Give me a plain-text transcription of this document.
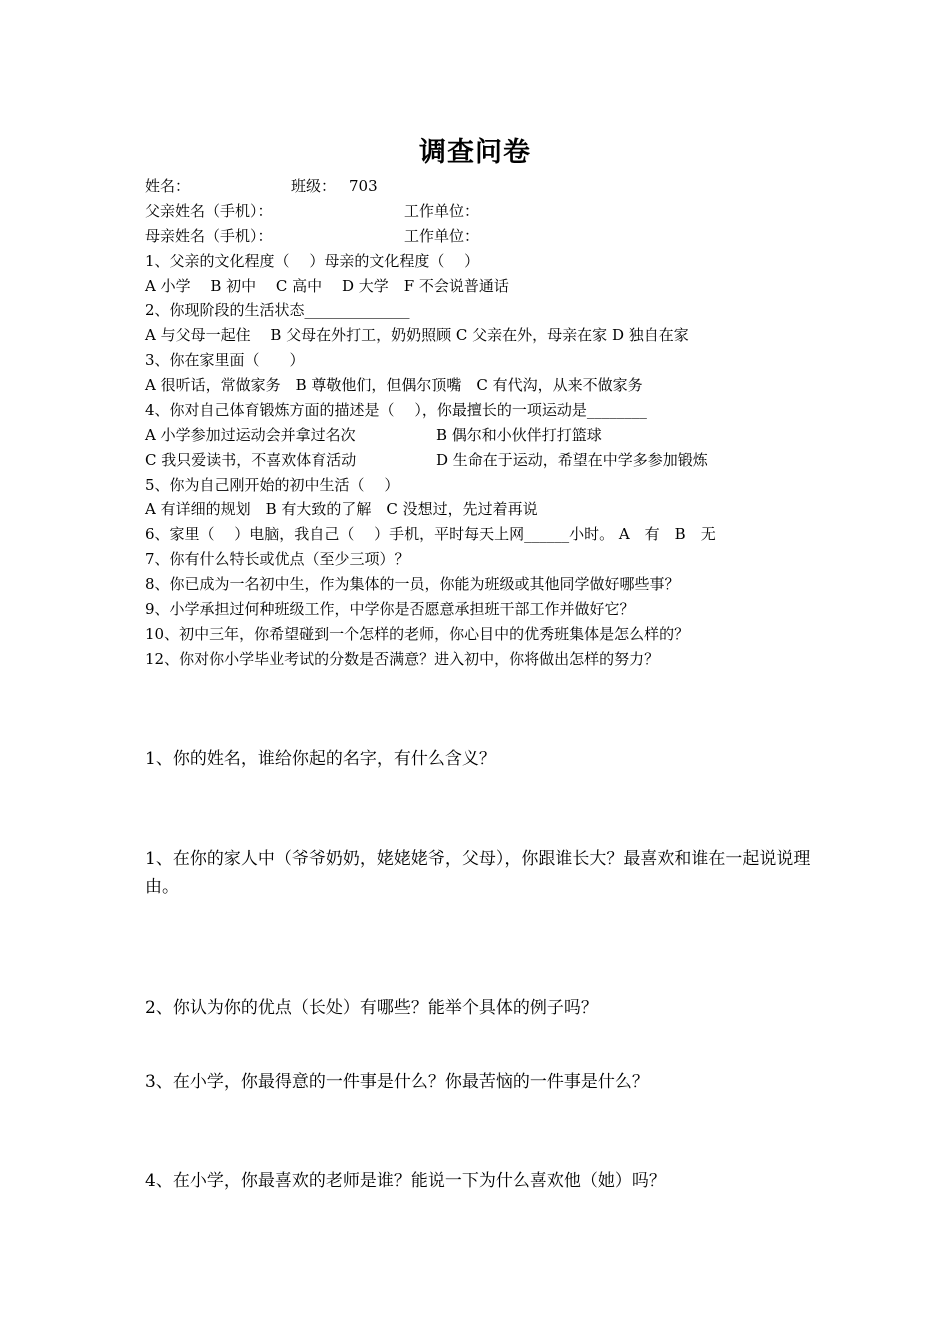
调查问卷
姓名：	班级： 703
父亲姓名（手机）：	工作单位：
母亲姓名（手机）：	工作单位：
1、父亲的文化程度（　 ）母亲的文化程度（　 ）
A 小学　 B 初中　 C 高中　 D 大学　F 不会说普通话
2、你现阶段的生活状态______________
A 与父母一起住　 B 父母在外打工，奶奶照顾 C 父亲在外，母亲在家 D 独自在家
3、你在家里面（　　）
A 很听话，常做家务　B 尊敬他们，但偶尔顶嘴　C 有代沟，从来不做家务
4、你对自己体育锻炼方面的描述是（　 ），你最擅长的一项运动是________
A 小学参加过运动会并拿过名次	B 偶尔和小伙伴打打篮球
C 我只爱读书，不喜欢体育活动	D 生命在于运动，希望在中学多参加锻炼
5、你为自己刚开始的初中生活（　 ）
A 有详细的规划　B 有大致的了解　C 没想过，先过着再说
6、家里（　 ）电脑，我自己（　 ）手机，平时每天上网______小时。 A　有　B　无
7、你有什么特长或优点（至少三项）？
8、你已成为一名初中生，作为集体的一员，你能为班级或其他同学做好哪些事？
9、小学承担过何种班级工作，中学你是否愿意承担班干部工作并做好它？
10、初中三年，你希望碰到一个怎样的老师，你心目中的优秀班集体是怎么样的？
12、你对你小学毕业考试的分数是否满意？进入初中，你将做出怎样的努力？
1、你的姓名，谁给你起的名字，有什么含义？
1、在你的家人中（爷爷奶奶，姥姥姥爷，父母），你跟谁长大？最喜欢和谁在一起说说理由。
2、你认为你的优点（长处）有哪些？能举个具体的例子吗？
3、在小学，你最得意的一件事是什么？你最苦恼的一件事是什么？
4、在小学，你最喜欢的老师是谁？能说一下为什么喜欢他（她）吗？
